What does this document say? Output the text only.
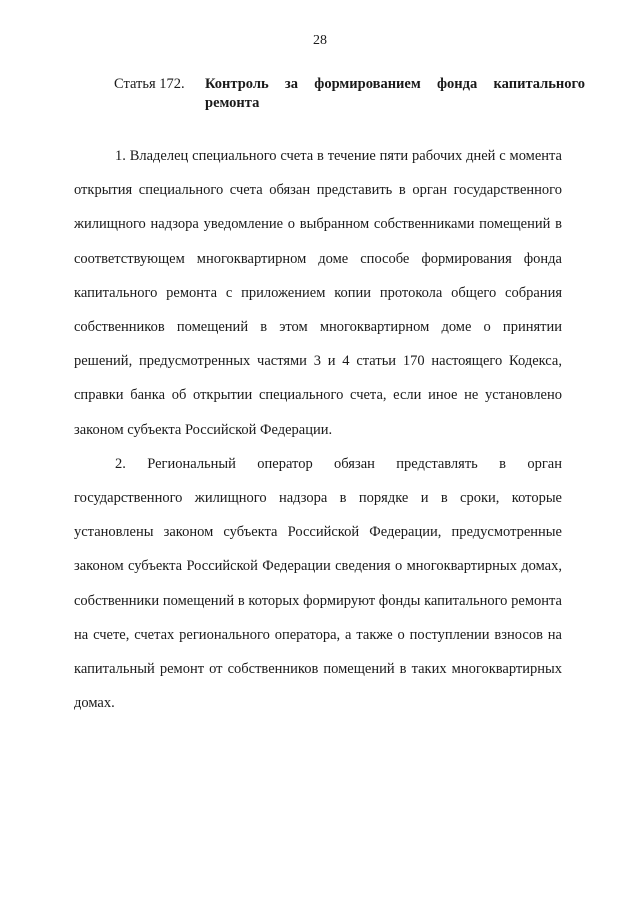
28
Статья 172. Контроль за формированием фонда капитального ремонта

1. Владелец специального счета в течение пяти рабочих дней с момента открытия специального счета обязан представить в орган государственного жилищного надзора уведомление о выбранном собственниками помещений в соответствующем многоквартирном доме способе формирования фонда капитального ремонта с приложением копии протокола общего собрания собственников помещений в этом многоквартирном доме о принятии решений, предусмотренных частями 3 и 4 статьи 170 настоящего Кодекса, справки банка об открытии специального счета, если иное не установлено законом субъекта Российской Федерации.

2. Региональный оператор обязан представлять в орган государственного жилищного надзора в порядке и в сроки, которые установлены законом субъекта Российской Федерации, предусмотренные законом субъекта Российской Федерации сведения о многоквартирных домах, собственники помещений в которых формируют фонды капитального ремонта на счете, счетах регионального оператора, а также о поступлении взносов на капитальный ремонт от собственников помещений в таких многоквартирных домах.
